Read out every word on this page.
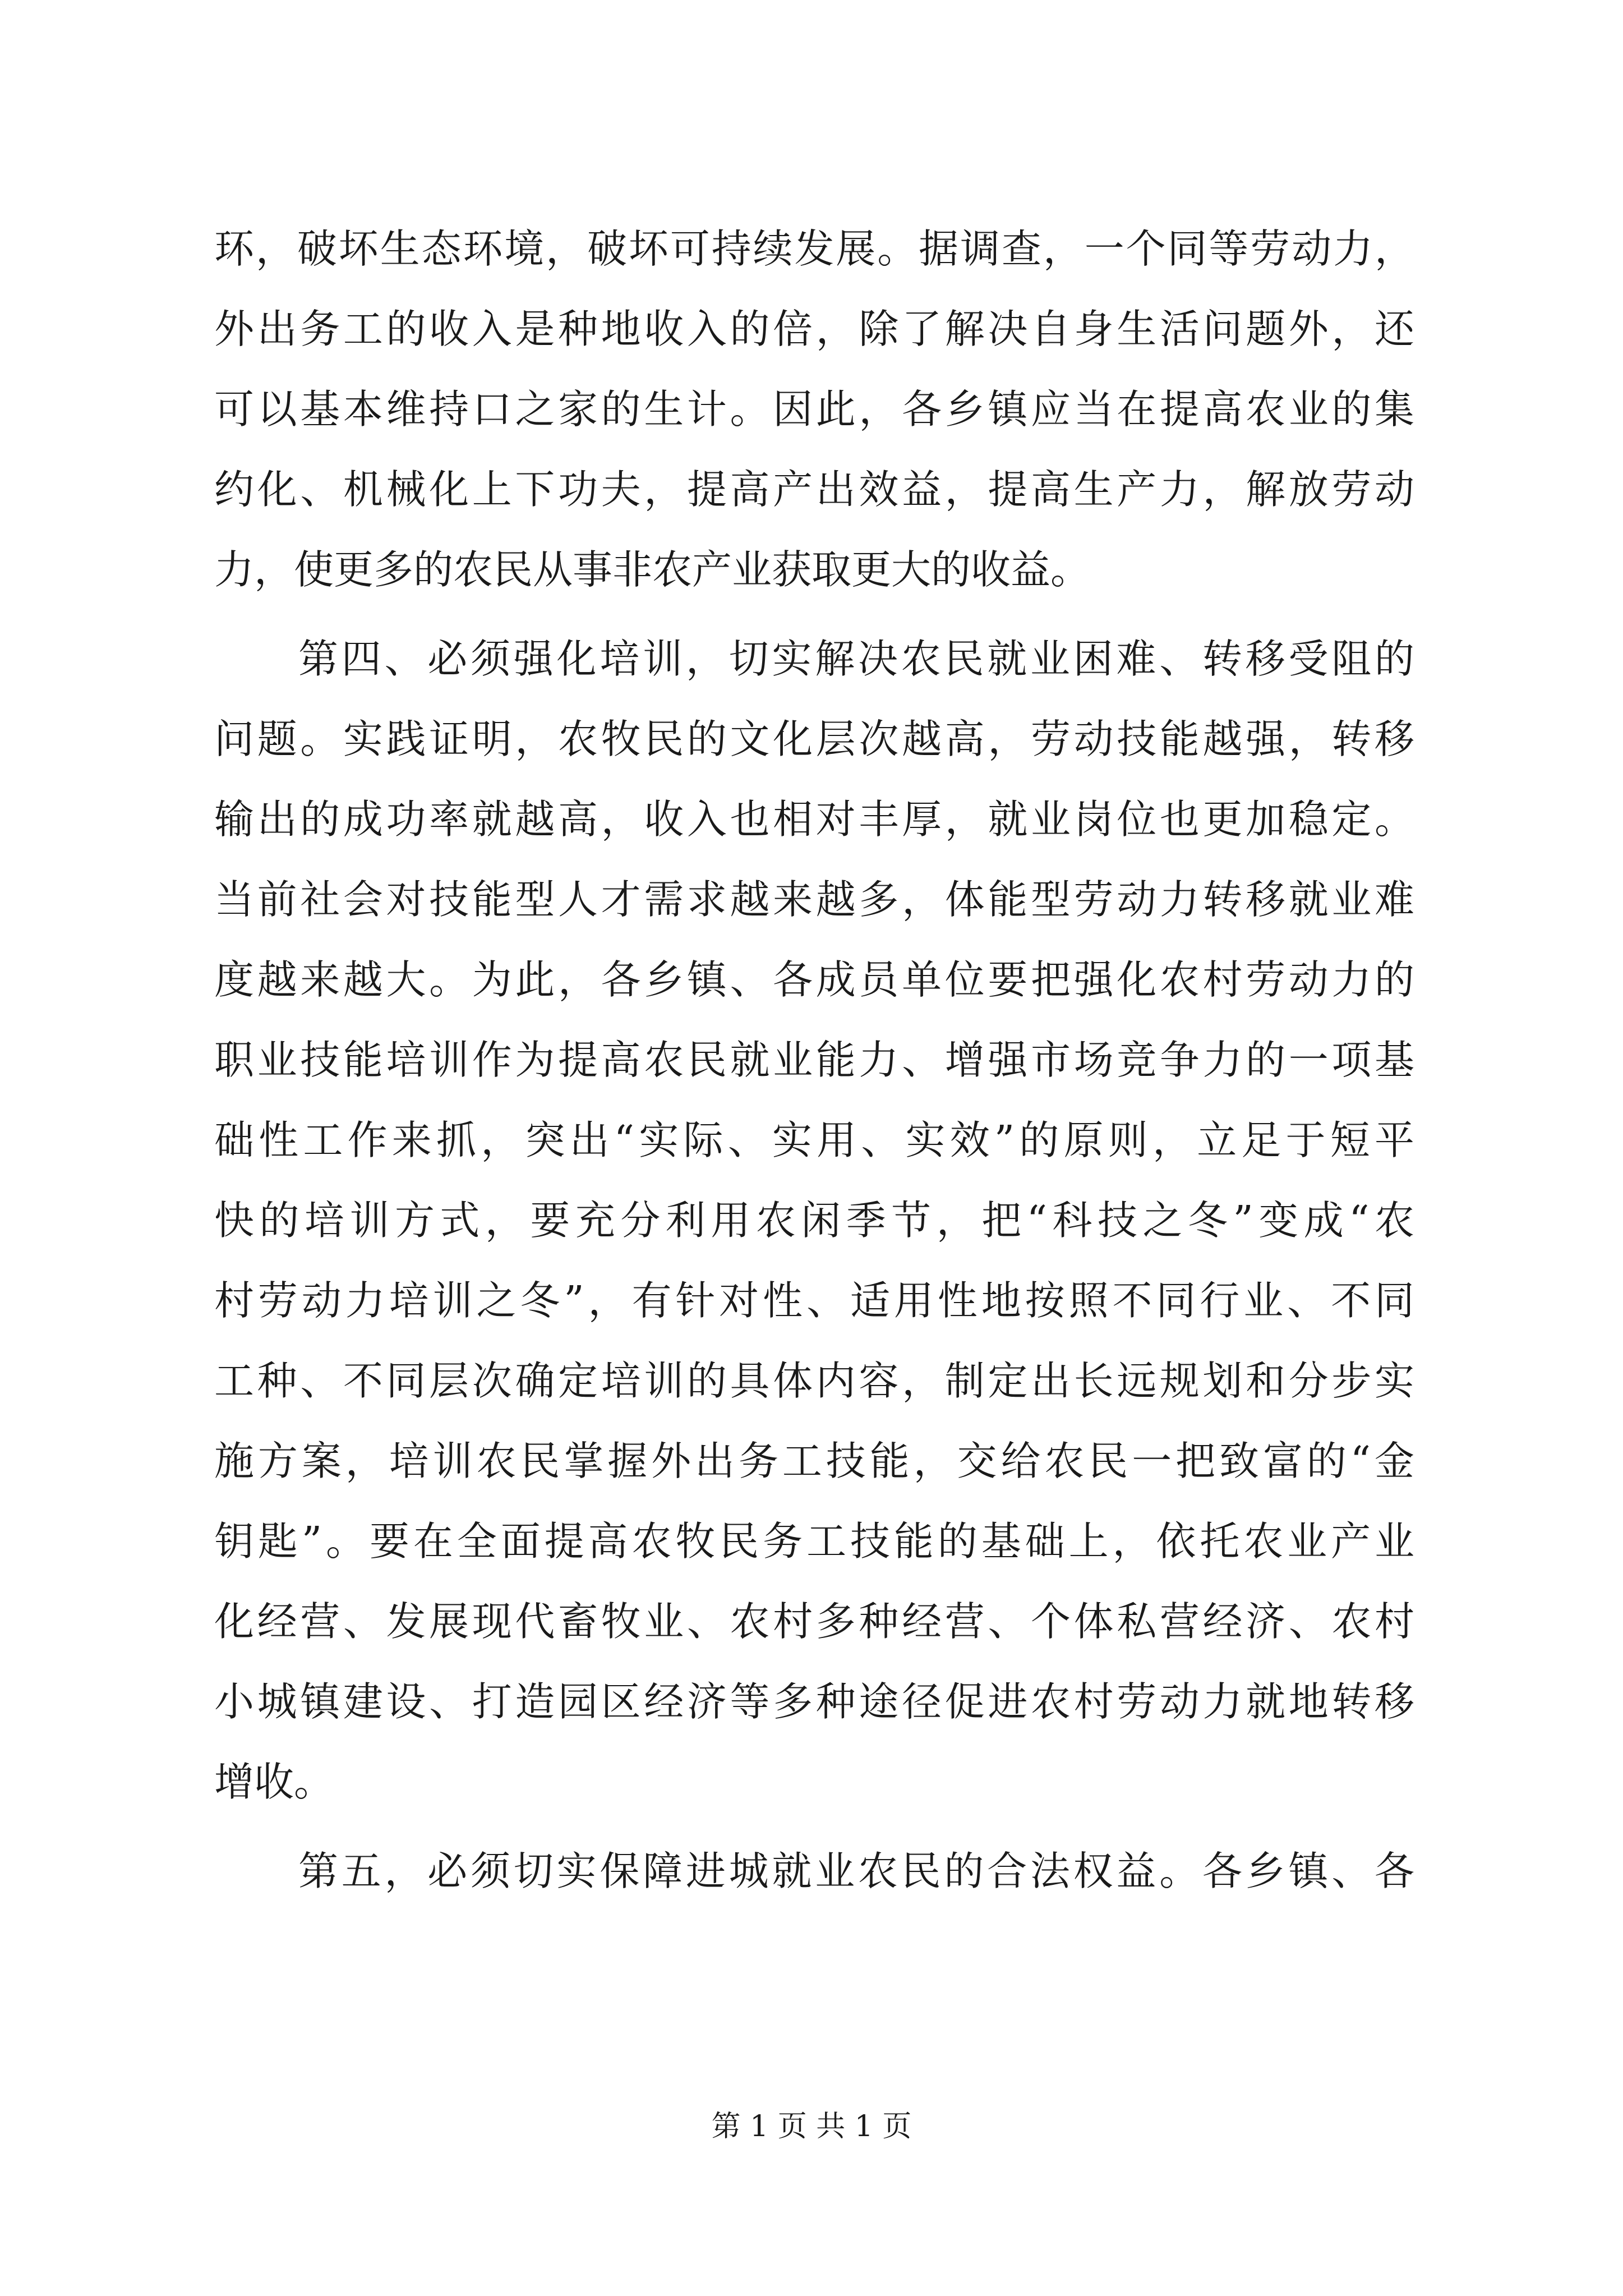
环，破坏生态环境，破坏可持续发展。据调查，一个同等劳动力，
外出务工的收入是种地收入的倍，除了解决自身生活问题外，还
可以基本维持口之家的生计。因此，各乡镇应当在提高农业的集
约化、机械化上下功夫，提高产出效益，提高生产力，解放劳动
力，使更多的农民从事非农产业获取更大的收益。
第四、必须强化培训，切实解决农民就业困难、转移受阻的
问题。实践证明，农牧民的文化层次越高，劳动技能越强，转移
输出的成功率就越高，收入也相对丰厚，就业岗位也更加稳定。
当前社会对技能型人才需求越来越多，体能型劳动力转移就业难
度越来越大。为此，各乡镇、各成员单位要把强化农村劳动力的
职业技能培训作为提高农民就业能力、增强市场竞争力的一项基
础性工作来抓，突出“实际、实用、实效”的原则，立足于短平
快的培训方式，要充分利用农闲季节，把“科技之冬”变成“农
村劳动力培训之冬”，有针对性、适用性地按照不同行业、不同
工种、不同层次确定培训的具体内容，制定出长远规划和分步实
施方案，培训农民掌握外出务工技能，交给农民一把致富的“金
钥匙”。要在全面提高农牧民务工技能的基础上，依托农业产业
化经营、发展现代畜牧业、农村多种经营、个体私营经济、农村
小城镇建设、打造园区经济等多种途径促进农村劳动力就地转移
增收。
第五，必须切实保障进城就业农民的合法权益。各乡镇、各
第 1 页 共 1 页
